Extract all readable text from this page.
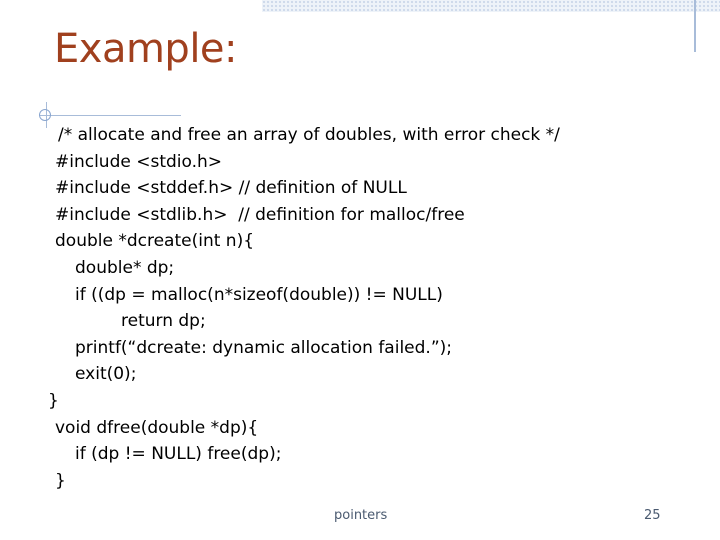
Example:
/* allocate and free an array of doubles, with error check */
#include <stdio.h>
#include <stddef.h> // definition of NULL
#include <stdlib.h>  // definition for malloc/free
double *dcreate(int n){
double* dp;
if ((dp = malloc(n*sizeof(double)) != NULL)
return dp;
printf(“dcreate: dynamic allocation failed.”);
exit(0);
}
void dfree(double *dp){
if (dp != NULL) free(dp);
}
pointers	25
